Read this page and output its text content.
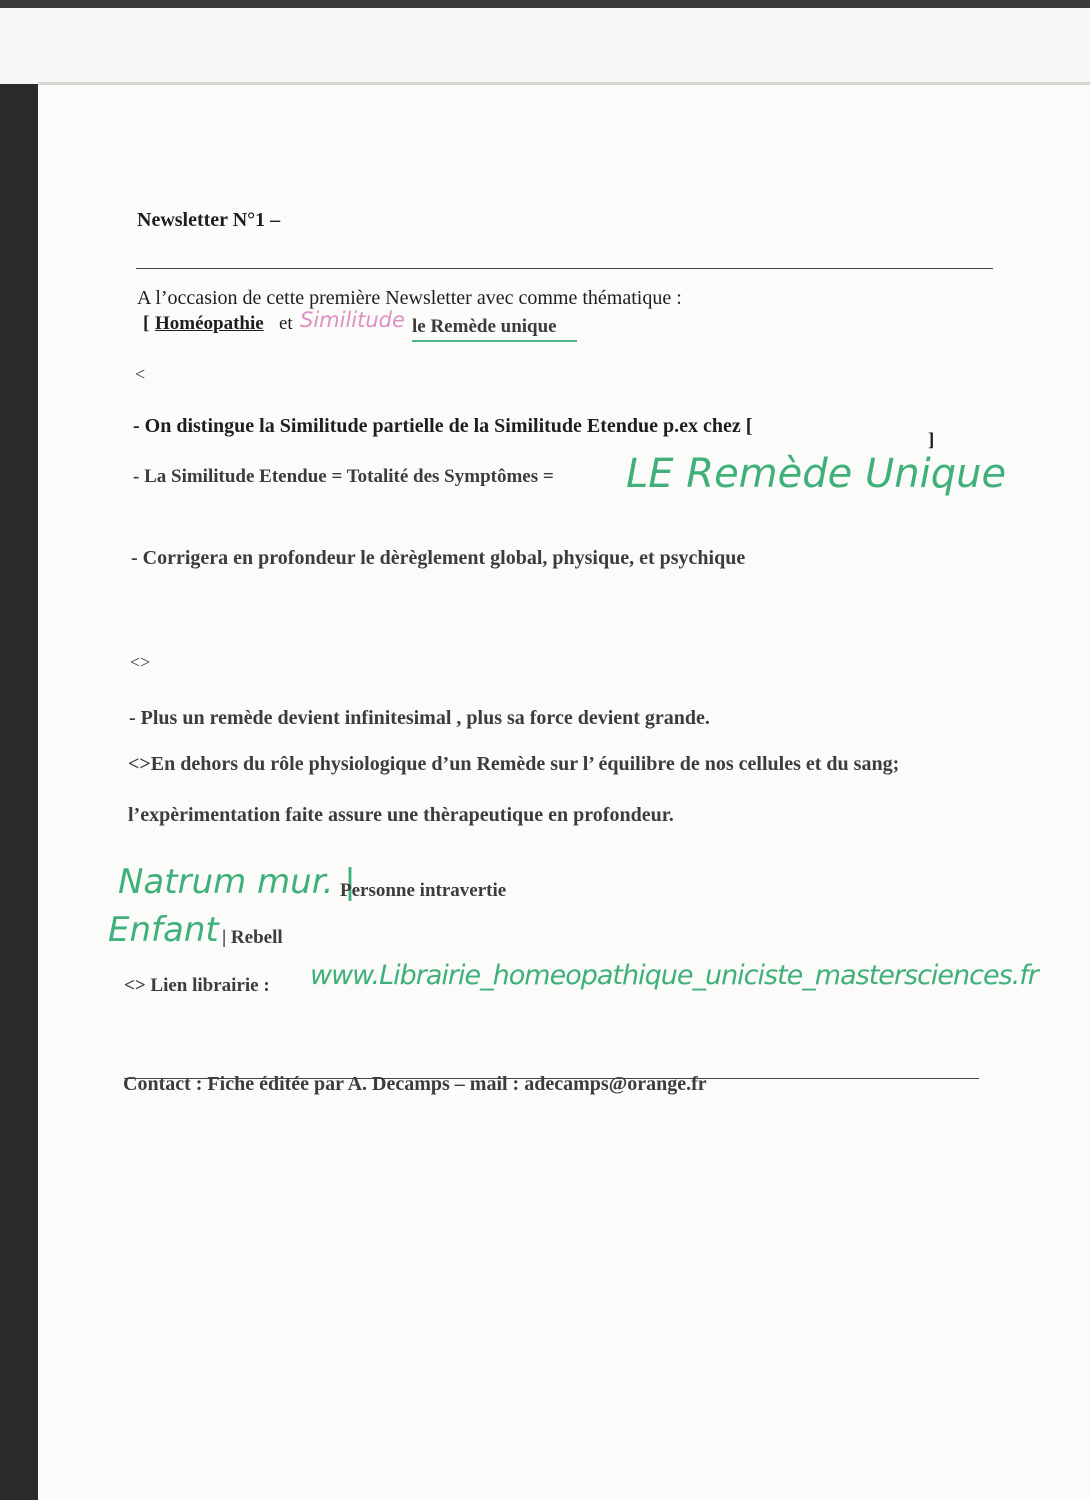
Newsletter N°1 –
A l’occasion de cette première Newsletter avec comme thématique :
[ Homéopathie et Similitude le Remède unique
<
- On distingue la Similitude partielle de la Similitude Etendue p.ex chez [
]
- La Similitude Etendue = Totalité des Symptômes = LE Remède Unique
- Corrigera en profondeur le dèrèglement global, physique, et psychique
<>
- Plus un remède devient infinitesimal , plus sa force devient grande.
<>En dehors du rôle physiologique d’un Remède sur l’ équilibre de nos cellules et du sang;
l’expèrimentation faite assure une thèrapeutique en profondeur.
Natrum mur. |
Personne intravertie
Enfant | Rebell
<> Lien librairie : www.Librairie_homeopathique_uniciste_mastersciences.fr
Contact : Fiche éditée par A. Decamps – mail : adecamps@orange.fr
